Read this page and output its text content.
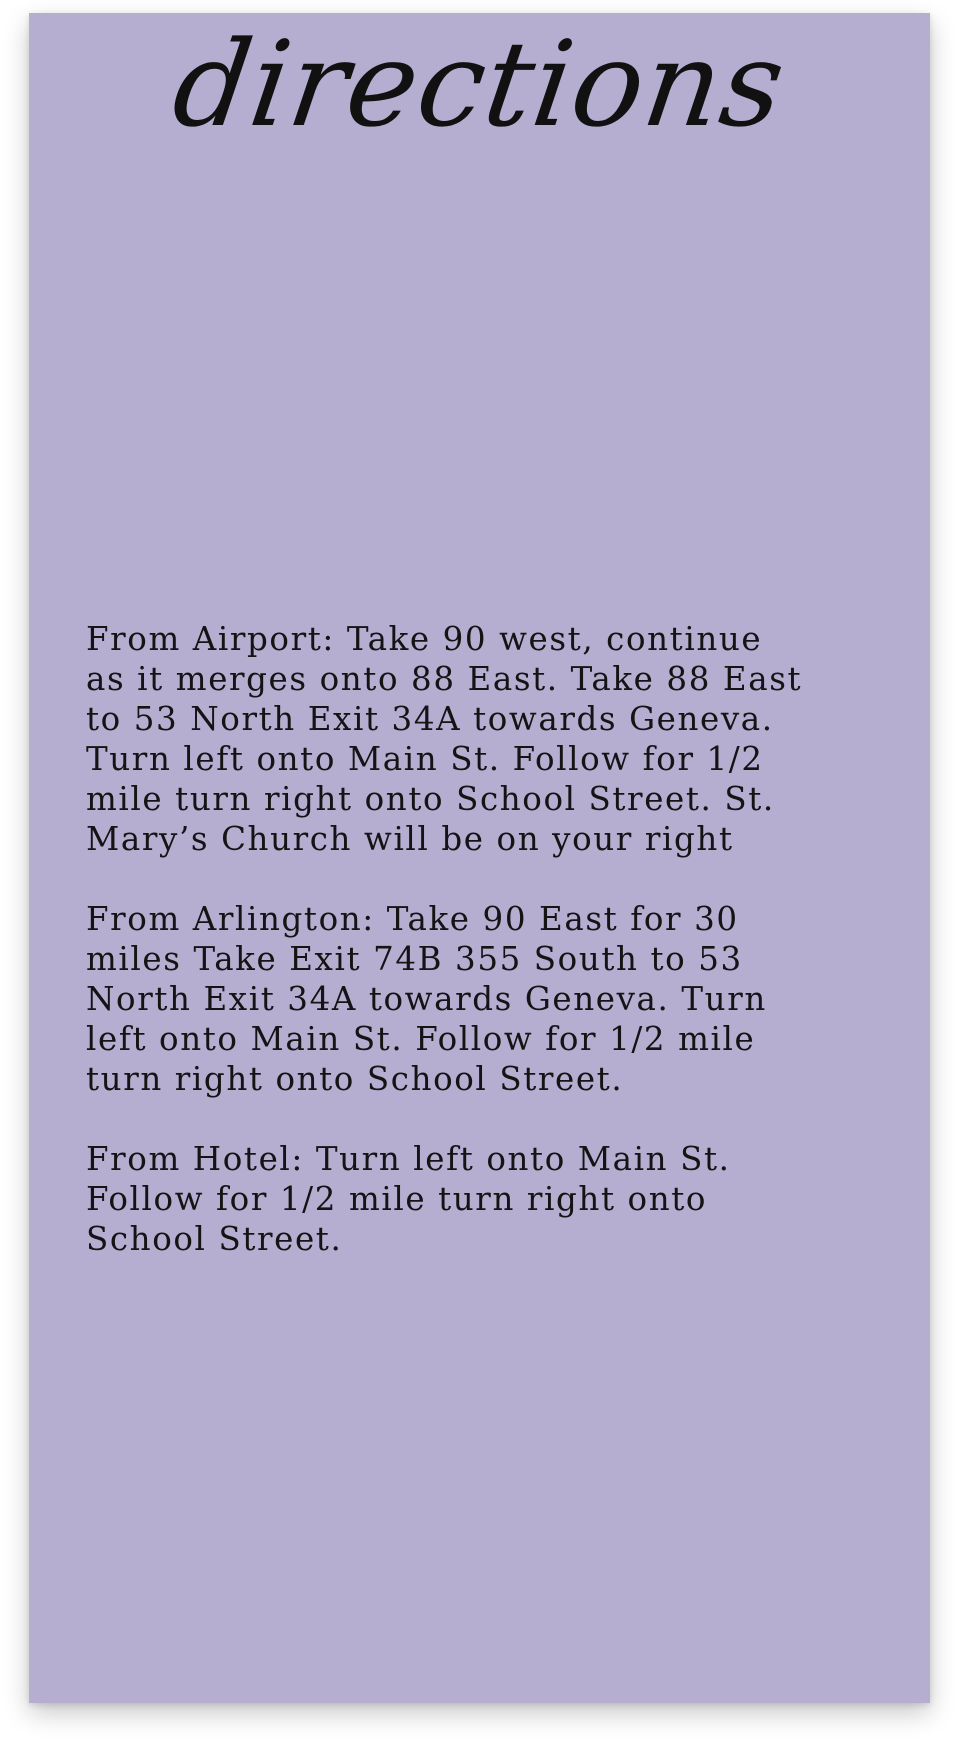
directions
From Airport: Take 90 west, continue
as it merges onto 88 East. Take 88 East
to 53 North Exit 34A towards Geneva.
Turn left onto Main St. Follow for 1/2
mile turn right onto School Street. St.
Mary’s Church will be on your right
From Arlington: Take 90 East for 30
miles Take Exit 74B 355 South to 53
North Exit 34A towards Geneva. Turn
left onto Main St. Follow for 1/2 mile
turn right onto School Street.
From Hotel: Turn left onto Main St.
Follow for 1/2 mile turn right onto
School Street.
